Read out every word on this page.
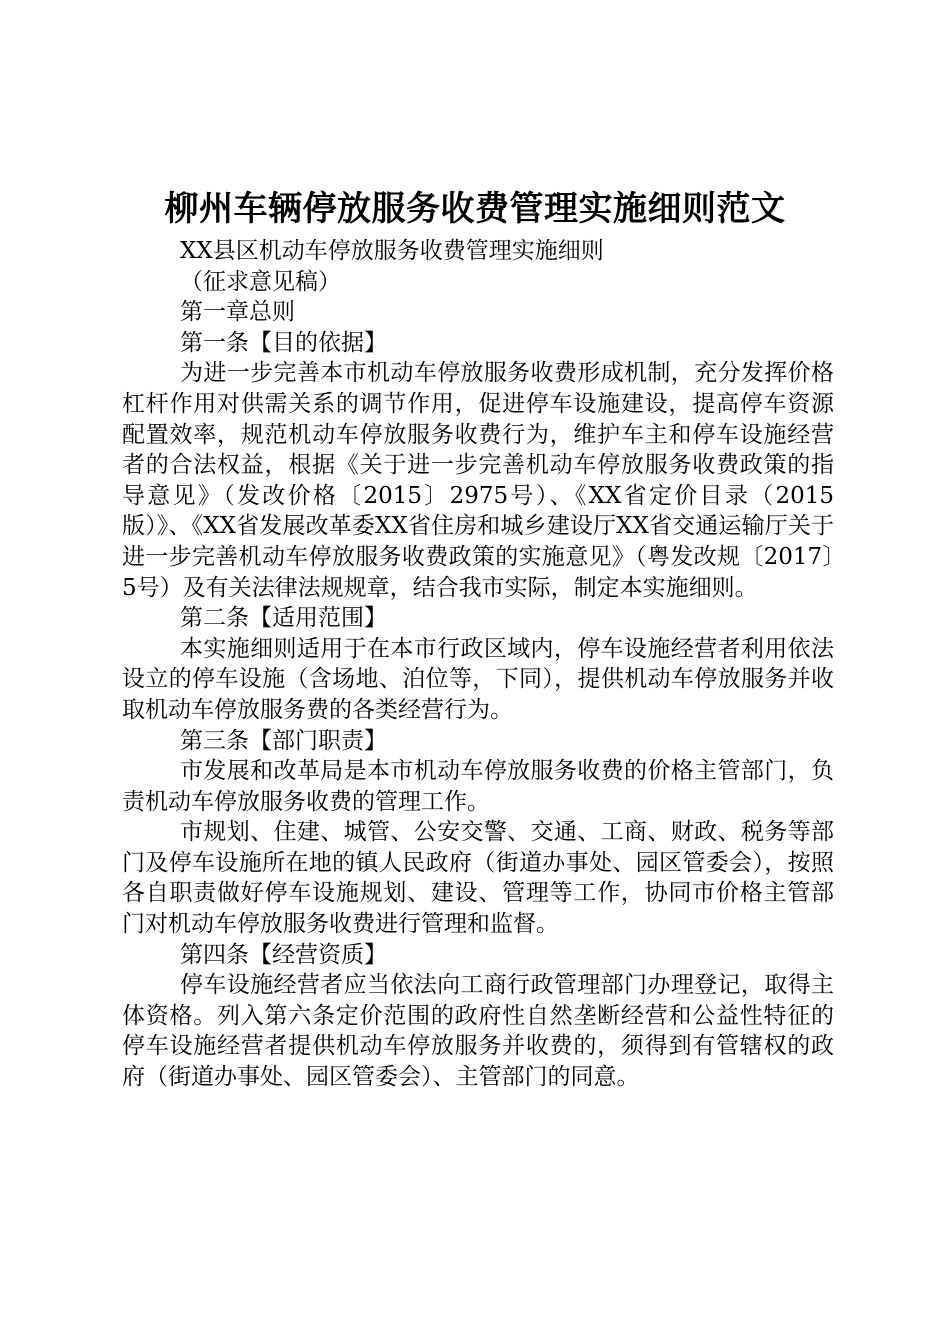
柳州车辆停放服务收费管理实施细则范文

XX县区机动车停放服务收费管理实施细则

（征求意见稿）

第一章总则

第一条【目的依据】

为进一步完善本市机动车停放服务收费形成机制，充分发挥价格杠杆作用对供需关系的调节作用，促进停车设施建设，提高停车资源配置效率，规范机动车停放服务收费行为，维护车主和停车设施经营者的合法权益，根据《关于进一步完善机动车停放服务收费政策的指导意见》（发改价格〔2015〕2975号）、《XX省定价目录（2015版）》、《XX省发展改革委XX省住房和城乡建设厅XX省交通运输厅关于进一步完善机动车停放服务收费政策的实施意见》（粤发改规〔2017〕5号）及有关法律法规规章，结合我市实际，制定本实施细则。

第二条【适用范围】

本实施细则适用于在本市行政区域内，停车设施经营者利用依法设立的停车设施（含场地、泊位等，下同），提供机动车停放服务并收取机动车停放服务费的各类经营行为。

第三条【部门职责】

市发展和改革局是本市机动车停放服务收费的价格主管部门，负责机动车停放服务收费的管理工作。

市规划、住建、城管、公安交警、交通、工商、财政、税务等部门及停车设施所在地的镇人民政府（街道办事处、园区管委会），按照各自职责做好停车设施规划、建设、管理等工作，协同市价格主管部门对机动车停放服务收费进行管理和监督。

第四条【经营资质】

停车设施经营者应当依法向工商行政管理部门办理登记，取得主体资格。列入第六条定价范围的政府性自然垄断经营和公益性特征的停车设施经营者提供机动车停放服务并收费的，须得到有管辖权的政府（街道办事处、园区管委会）、主管部门的同意。
